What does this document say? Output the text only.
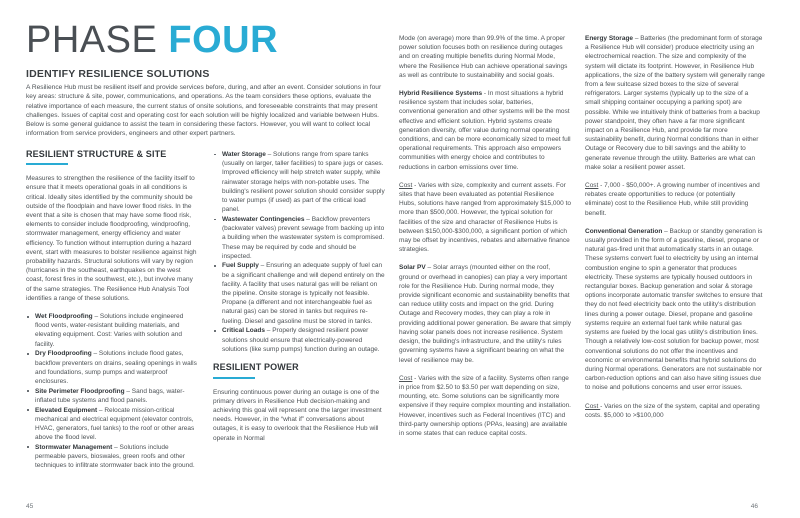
PHASE FOUR
IDENTIFY RESILIENCE SOLUTIONS
A Resilience Hub must be resilient itself and provide services before, during, and after an event. Consider solutions in four key areas: structure & site, power, communications, and operations. As the team considers these options, evaluate the relative importance of each measure, the current status of onsite solutions, and foreseeable constraints that may present challenges. Issues of capital cost and operating cost for each solution will be highly localized and variable between Hubs. Below is some general guidance to assist the team in considering these factors. However, you will want to collect local information from service providers, engineers and other expert partners.
RESILIENT STRUCTURE & SITE

Measures to strengthen the resilience of the facility itself to ensure that it meets operational goals in all conditions is critical. Ideally sites identified by the community should be outside of the floodplain and have lower flood risks. In the event that a site is chosen that may have some flood risk, elements to consider include floodproofing, windproofing, stormwater management, energy efficiency and water efficiency. To function without interruption during a hazard event, start with measures to bolster resilience against high probability hazards. Structural solutions will vary by region (hurricanes in the southeast, earthquakes on the west coast, forest fires in the southwest, etc.), but involve many of the same strategies. The Resilience Hub Analysis Tool identifies a range of these solutions.

Wet Floodproofing – Solutions include engineered flood vents, water-resistant building materials, and elevating equipment. Cost: Varies with solution and facility.
Dry Floodproofing – Solutions include flood gates, backflow preventers on drains, sealing openings in walls and foundations, sump pumps and waterproof enclosures.
Site Perimeter Floodproofing – Sand bags, water-inflated tube systems and flood panels.
Elevated Equipment – Relocate mission-critical mechanical and electrical equipment (elevator controls, HVAC, generators, fuel tanks) to the roof or other areas above the flood level.
Stormwater Management – Solutions include permeable pavers, bioswales, green roofs and other techniques to infiltrate stormwater back into the ground.
Water Storage – Solutions range from spare tanks (usually on larger, taller facilities) to spare jugs or cases. Improved efficiency will help stretch water supply, while rainwater storage helps with non-potable uses. The building's resilient power solution should consider supply to water pumps (if used) as part of the critical load panel.
Wastewater Contingencies – Backflow preventers (backwater valves) prevent sewage from backing up into a building when the wastewater system is compromised. These may be required by code and should be inspected.
Fuel Supply – Ensuring an adequate supply of fuel can be a significant challenge and will depend entirely on the facility. A facility that uses natural gas will be reliant on the pipeline. Onsite storage is typically not feasible. Propane (a different and not interchangeable fuel as natural gas) can be stored in tanks but requires re-fueling. Diesel and gasoline must be stored in tanks.
Critical Loads – Properly designed resilient power solutions should ensure that electrically-powered solutions (like sump pumps) function during an outage.
RESILIENT POWER

Ensuring continuous power during an outage is one of the primary drivers in Resilience Hub decision-making and achieving this goal will represent one the larger investment needs. However, in the “what if” conversations about outages, it is easy to overlook that the Resilience Hub will operate in Normal

Mode (on average) more than 99.9% of the time. A proper power solution focuses both on resilience during outages and on creating multiple benefits during Normal Mode, where the Resilience Hub can achieve operational savings as well as contribute to sustainability and social goals.

Hybrid Resilience Systems - In most situations a hybrid resilience system that includes solar, batteries, conventional generation and other systems will be the most effective and efficient solution. Hybrid systems create generation diversity, offer value during normal operating conditions, and can be more economically sized to meet full operational requirements. This approach also empowers communities with energy choice and contributes to reductions in carbon emissions over time.

Cost - Varies with size, complexity and current assets. For sites that have been evaluated as potential Resilience Hubs, solutions have ranged from approximately $15,000 to more than $500,000. However, the typical solution for facilities of the size and character of Resilience Hubs is between $150,000-$300,000, a significant portion of which may be offset by incentives, rebates and alternative finance strategies.

Solar PV – Solar arrays (mounted either on the roof, ground or overhead in canopies) can play a very important role for the Resilience Hub. During normal mode, they provide significant economic and sustainability benefits that can reduce utility costs and impact on the grid. During Outage and Recovery modes, they can play a role in providing additional power generation. Be aware that simply having solar panels does not increase resilience. System design, the building's infrastructure, and the utility's rules governing systems have a significant bearing on what the level of resilience may be.

Cost - Varies with the size of a facility. Systems often range in price from $2.50 to $3.50 per watt depending on size, mounting, etc. Some solutions can be significantly more expensive if they require complex mounting and installation. However, incentives such as Federal Incentives (ITC) and third-party ownership options (PPAs, leasing) are available in some states that can reduce capital costs.

Energy Storage – Batteries (the predominant form of storage a Resilience Hub will consider) produce electricity using an electrochemical reaction. The size and complexity of the system will dictate its footprint. However, in Resilience Hub applications, the size of the battery system will generally range from a few suitcase sized boxes to the size of several refrigerators. Larger systems (typically up to the size of a small shipping container occupying a parking spot) are possible. While we intuitively think of batteries from a backup power standpoint, they often have a far more significant impact on a Resilience Hub, and provide far more sustainability benefit, during Normal conditions than in either Outage or Recovery due to bill savings and the ability to generate revenue through the utility. Batteries are what can make solar a resilient power asset.

Cost - 7,000 - $50,000+. A growing number of incentives and rebates create opportunities to reduce (or potentially eliminate) cost to the Resilience Hub, while still providing benefit.

Conventional Generation – Backup or standby generation is usually provided in the form of a gasoline, diesel, propane or natural gas-fired unit that automatically starts in an outage. These systems convert fuel to electricity by using an internal combustion engine to spin a generator that produces electricity. These systems are typically housed outdoors in rectangular boxes. Backup generation and solar & storage options incorporate automatic transfer switches to ensure that they do not feed electricity back onto the utility's distribution lines during a power outage. Diesel, propane and gasoline systems require an external fuel tank while natural gas systems are fueled by the local gas utility's distribution lines. Though a relatively low-cost solution for backup power, most conventional solutions do not offer the incentives and economic or environmental benefits that hybrid solutions do during Normal operations. Generators are not sustainable nor carbon-reduction options and can also have siting issues due to noise and pollutions concerns and user error issues.

Cost - Varies on the size of the system, capital and operating costs. $5,000 to >$100,000

45	46
